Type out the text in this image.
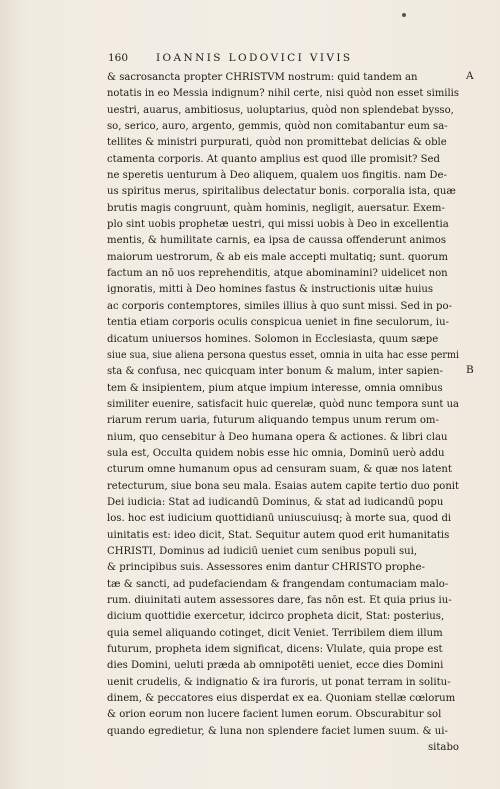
160	IOANNIS LODOVICI VIVIS
& sacrosancta propter CHRISTVM nostrum: quid tandem an
notatis in eo Messia indignum? nihil certe, nisi quòd non esset similis
uestri, auarus, ambitiosus, uoluptarius, quòd non splendebat bysso,
so, serico, auro, argento, gemmis, quòd non comitabantur eum sa-
tellites & ministri purpurati, quòd non promittebat delicias & oble
ctamenta corporis. At quanto amplius est quod ille promisit? Sed
ne speretis uenturum à Deo aliquem, qualem uos fingitis. nam De-
us spiritus merus, spiritalibus delectatur bonis. corporalia ista, quæ
brutis magis congruunt, quàm hominis, negligit, auersatur. Exem-
plo sint uobis prophetæ uestri, qui missi uobis à Deo in excellentia
mentis, & humilitate carnis, ea ipsa de caussa offenderunt animos
maiorum uestrorum, & ab eis male accepti multatiq; sunt. quorum
factum an nō uos reprehenditis, atque abominamini? uidelicet non
ignoratis, mitti à Deo homines fastus & instructionis uitæ huius
ac corporis contemptores, similes illius à quo sunt missi. Sed in po-
tentia etiam corporis oculis conspicua ueniet in fine seculorum, iu-
dicatum uniuersos homines. Solomon in Ecclesiasta, quum sæpe
siue sua, siue aliena persona questus esset, omnia in uita hac esse permi
sta & confusa, nec quicquam inter bonum & malum, inter sapien-
tem & insipientem, pium atque impium interesse, omnia omnibus
similiter euenire, satisfacit huic querelæ, quòd nunc tempora sunt ua
riarum rerum uaria, futurum aliquando tempus unum rerum om-
nium, quo censebitur à Deo humana opera & actiones. & libri clau
sula est, Occulta quidem nobis esse hic omnia, Dominū uerò addu
cturum omne humanum opus ad censuram suam, & quæ nos latent
retecturum, siue bona seu mala. Esaias autem capite tertio duo ponit
Dei iudicia: Stat ad iudicandū Dominus, & stat ad iudicandū popu
los. hoc est iudicium quottidianū uniuscuiusq; à morte sua, quod di
uinitatis est: ideo dicit, Stat. Sequitur autem quod erit humanitatis
CHRISTI, Dominus ad iudiciū ueniet cum senibus populi sui,
& principibus suis. Assessores enim dantur CHRISTO prophe-
tæ & sancti, ad pudefaciendam & frangendam contumaciam malo-
rum. diuinitati autem assessores dare, fas nōn est. Et quia prius iu-
dicium quottidie exercetur, idcirco propheta dicit, Stat: posterius,
quia semel aliquando cotinget, dicit Veniet. Terribilem diem illum
futurum, propheta idem significat, dicens: Vlulate, quia prope est
dies Domini, ueluti præda ab omnipotēti ueniet, ecce dies Domini
uenit crudelis, & indignatio & ira furoris, ut ponat terram in solitu-
dinem, & peccatores eius disperdat ex ea. Quoniam stellæ cœlorum
& orion eorum non lucere facient lumen eorum. Obscurabitur sol
quando egredietur, & luna non splendere faciet lumen suum. & ui-
sitabo
A
B
